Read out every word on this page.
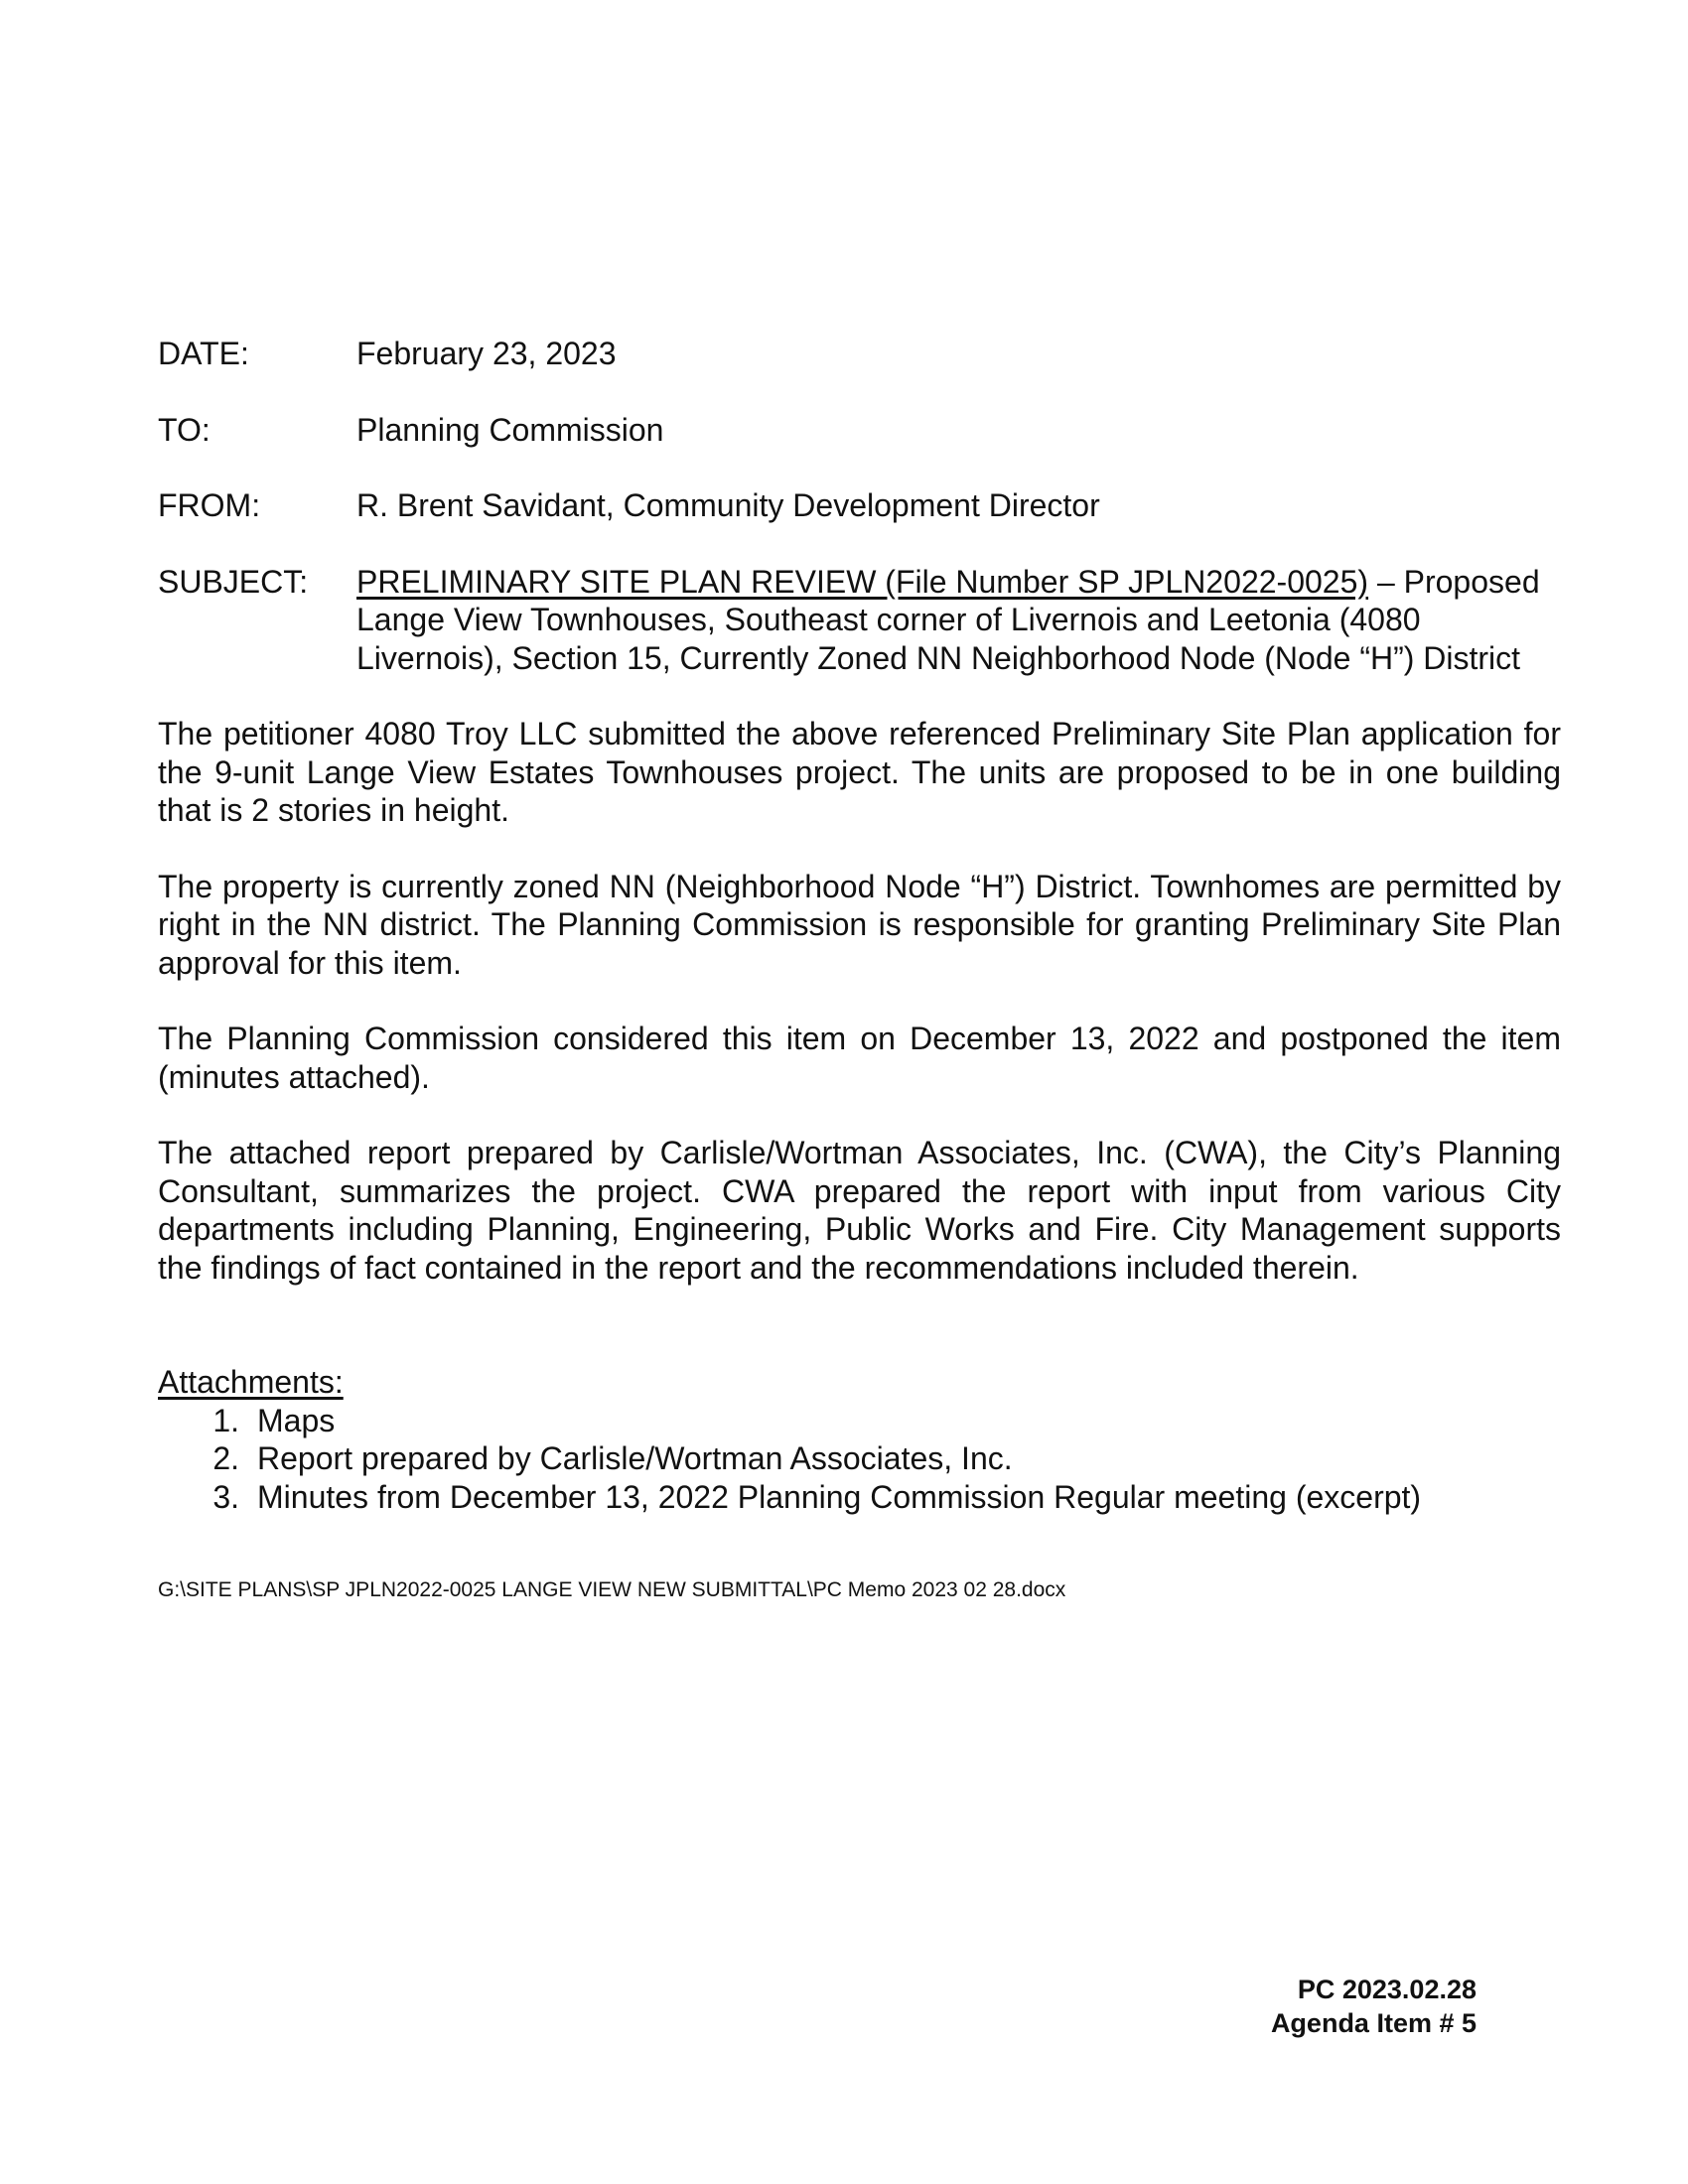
DATE:	February 23, 2023
TO:	Planning Commission
FROM:	R. Brent Savidant, Community Development Director
SUBJECT:	PRELIMINARY SITE PLAN REVIEW (File Number SP JPLN2022-0025) – Proposed Lange View Townhouses, Southeast corner of Livernois and Leetonia (4080 Livernois), Section 15, Currently Zoned NN Neighborhood Node (Node “H”) District

The petitioner 4080 Troy LLC submitted the above referenced Preliminary Site Plan application for the 9-unit Lange View Estates Townhouses project. The units are proposed to be in one building that is 2 stories in height.

The property is currently zoned NN (Neighborhood Node “H”) District. Townhomes are permitted by right in the NN district. The Planning Commission is responsible for granting Preliminary Site Plan approval for this item.

The Planning Commission considered this item on December 13, 2022 and postponed the item (minutes attached).

The attached report prepared by Carlisle/Wortman Associates, Inc. (CWA), the City’s Planning Consultant, summarizes the project. CWA prepared the report with input from various City departments including Planning, Engineering, Public Works and Fire. City Management supports the findings of fact contained in the report and the recommendations included therein.

Attachments:
1. Maps
2. Report prepared by Carlisle/Wortman Associates, Inc.
3. Minutes from December 13, 2022 Planning Commission Regular meeting (excerpt)
G:\SITE PLANS\SP JPLN2022-0025 LANGE VIEW NEW SUBMITTAL\PC Memo 2023 02 28.docx
PC 2023.02.28
Agenda Item # 5
